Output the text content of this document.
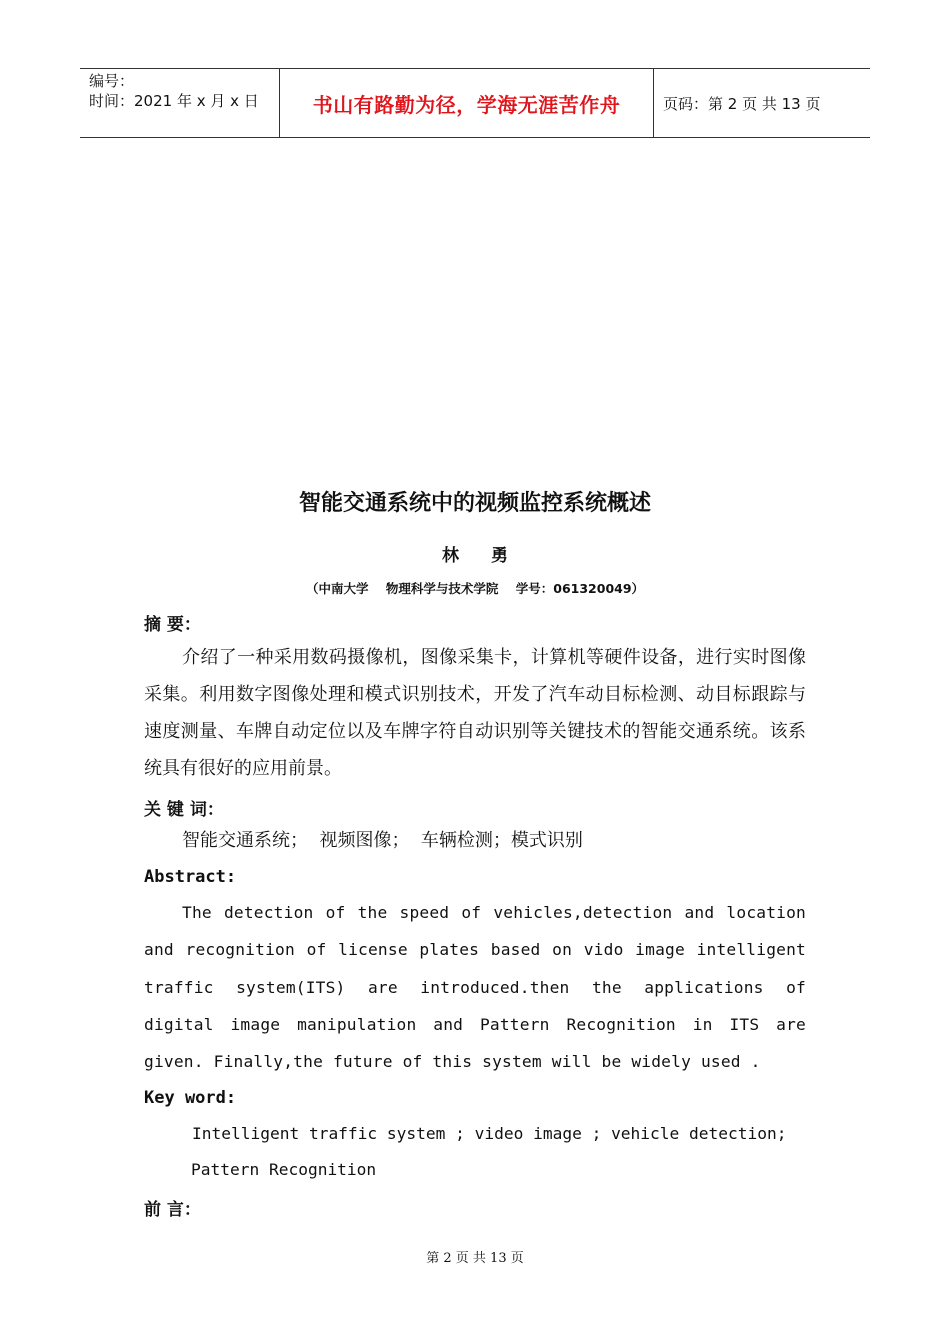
编号：
时间：2021 年 x 月 x 日	书山有路勤为径，学海无涯苦作舟	页码：第 2 页 共 13 页
智能交通系统中的视频监控系统概述
林 勇
（中南大学    物理科学与技术学院    学号：061320049）
摘 要：
介绍了一种采用数码摄像机，图像采集卡，计算机等硬件设备，进行实时图像采集。利用数字图像处理和模式识别技术，开发了汽车动目标检测、动目标跟踪与速度测量、车牌自动定位以及车牌字符自动识别等关键技术的智能交通系统。该系统具有很好的应用前景。
关 键 词：
智能交通系统；  视频图像；  车辆检测；模式识别
Abstract:
The detection of the speed of vehicles,detection and location and recognition of license plates based on vido image intelligent traffic system(ITS) are introduced.then the applications of digital image manipulation and Pattern Recognition in ITS are given. Finally,the future of this system will be widely used .
Key word:
Intelligent traffic system ; video image ; vehicle detection;
Pattern Recognition
前 言：
第 2 页 共 13 页
